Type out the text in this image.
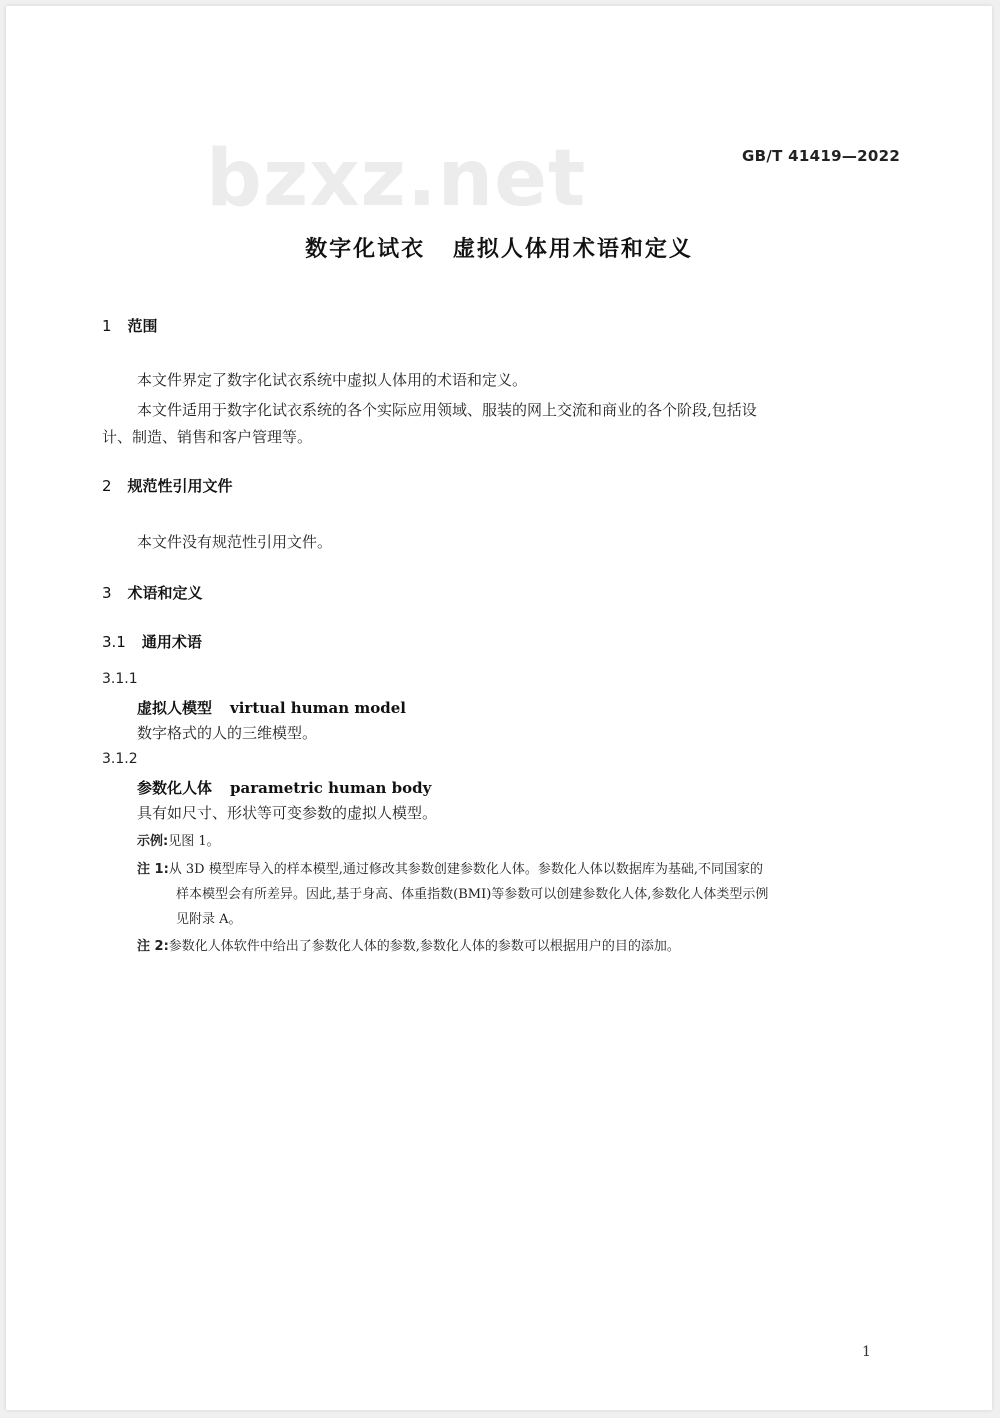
bzxz.net	GB/T 41419—2022
数字化试衣 虚拟人体用术语和定义
1 范围
本文件界定了数字化试衣系统中虚拟人体用的术语和定义。
本文件适用于数字化试衣系统的各个实际应用领域、服装的网上交流和商业的各个阶段,包括设
计、制造、销售和客户管理等。
2 规范性引用文件
本文件没有规范性引用文件。
3 术语和定义
3.1 通用术语
3.1.1
虚拟人模型 virtual human model
数字格式的人的三维模型。
3.1.2
参数化人体 parametric human body
具有如尺寸、形状等可变参数的虚拟人模型。
示例:见图 1。
注 1:从 3D 模型库导入的样本模型,通过修改其参数创建参数化人体。参数化人体以数据库为基础,不同国家的
样本模型会有所差异。因此,基于身高、体重指数(BMI)等参数可以创建参数化人体,参数化人体类型示例
见附录 A。
注 2:参数化人体软件中给出了参数化人体的参数,参数化人体的参数可以根据用户的目的添加。
1
